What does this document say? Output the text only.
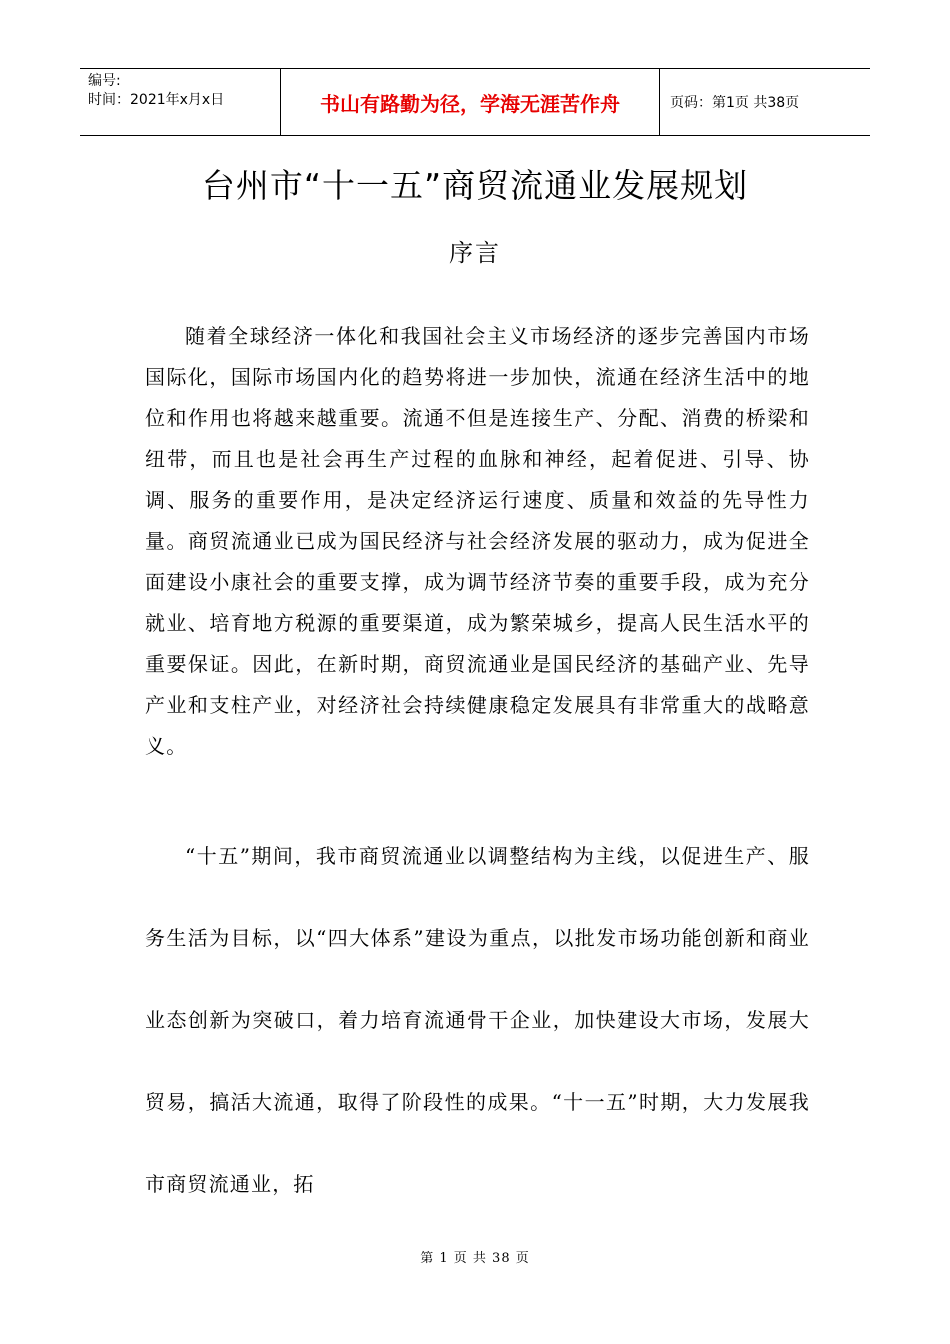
编号:
时间：2021年x月x日	书山有路勤为径，学海无涯苦作舟	页码：第1页 共38页
台州市“十一五”商贸流通业发展规划
序言

随着全球经济一体化和我国社会主义市场经济的逐步完善国内市场国际化，国际市场国内化的趋势将进一步加快，流通在经济生活中的地位和作用也将越来越重要。流通不但是连接生产、分配、消费的桥梁和纽带，而且也是社会再生产过程的血脉和神经，起着促进、引导、协调、服务的重要作用，是决定经济运行速度、质量和效益的先导性力量。商贸流通业已成为国民经济与社会经济发展的驱动力，成为促进全面建设小康社会的重要支撑，成为调节经济节奏的重要手段，成为充分就业、培育地方税源的重要渠道，成为繁荣城乡，提高人民生活水平的重要保证。因此，在新时期，商贸流通业是国民经济的基础产业、先导产业和支柱产业，对经济社会持续健康稳定发展具有非常重大的战略意义。

“十五”期间，我市商贸流通业以调整结构为主线，以促进生产、服务生活为目标，以“四大体系”建设为重点，以批发市场功能创新和商业业态创新为突破口，着力培育流通骨干企业，加快建设大市场，发展大贸易，搞活大流通，取得了阶段性的成果。“十一五”时期，大力发展我市商贸流通业，拓

第 1 页 共 38 页
